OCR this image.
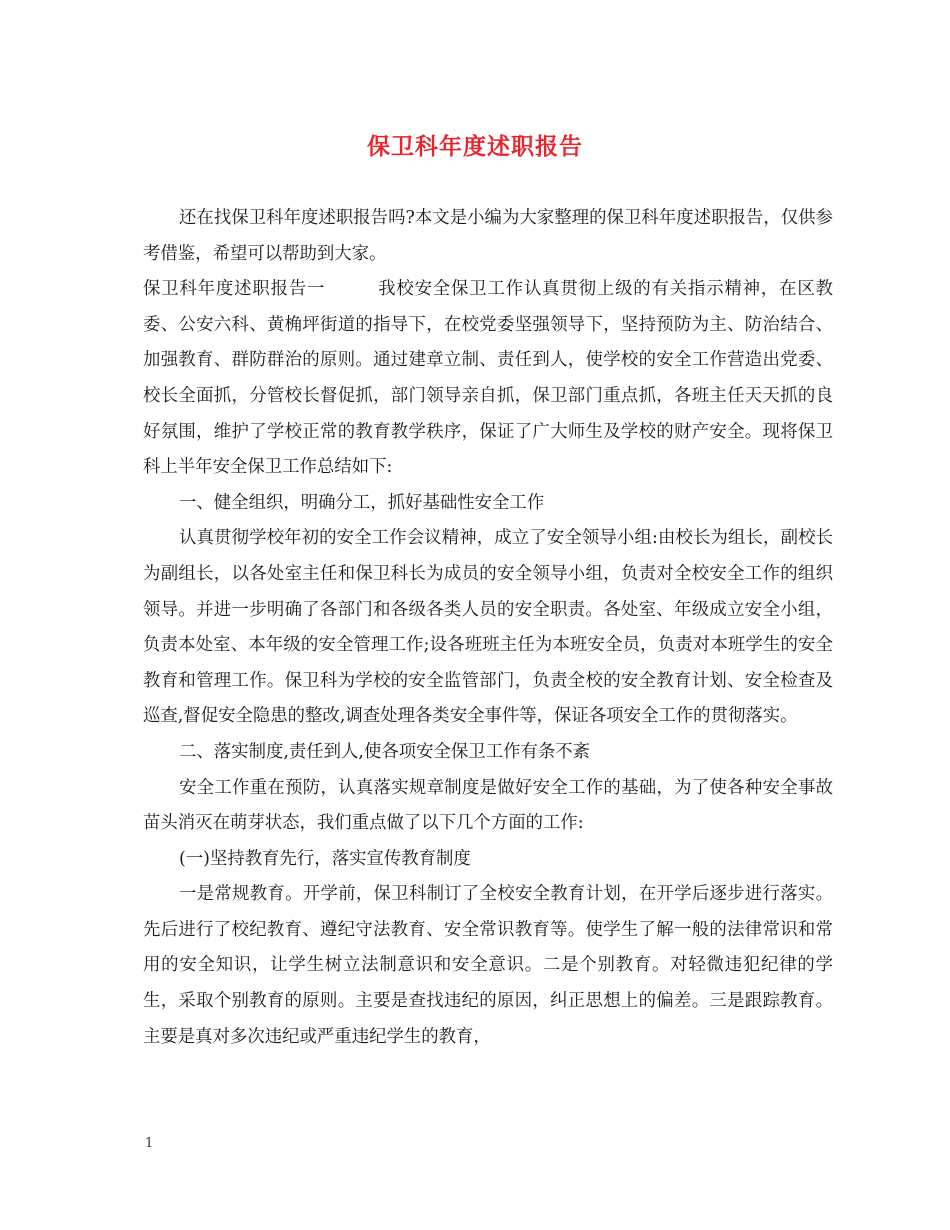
保卫科年度述职报告

还在找保卫科年度述职报告吗?本文是小编为大家整理的保卫科年度述职报告，仅供参考借鉴，希望可以帮助到大家。

保卫科年度述职报告一	我校安全保卫工作认真贯彻上级的有关指示精神，在区教委、公安六科、黄桷坪街道的指导下，在校党委坚强领导下，坚持预防为主、防治结合、加强教育、群防群治的原则。通过建章立制、责任到人，使学校的安全工作营造出党委、校长全面抓，分管校长督促抓，部门领导亲自抓，保卫部门重点抓，各班主任天天抓的良好氛围，维护了学校正常的教育教学秩序，保证了广大师生及学校的财产安全。现将保卫科上半年安全保卫工作总结如下:

一、健全组织，明确分工，抓好基础性安全工作

认真贯彻学校年初的安全工作会议精神，成立了安全领导小组:由校长为组长，副校长为副组长，以各处室主任和保卫科长为成员的安全领导小组，负责对全校安全工作的组织领导。并进一步明确了各部门和各级各类人员的安全职责。各处室、年级成立安全小组，负责本处室、本年级的安全管理工作;设各班班主任为本班安全员，负责对本班学生的安全教育和管理工作。保卫科为学校的安全监管部门，负责全校的安全教育计划、安全检查及巡查,督促安全隐患的整改,调查处理各类安全事件等，保证各项安全工作的贯彻落实。

二、落实制度,责任到人,使各项安全保卫工作有条不紊

安全工作重在预防，认真落实规章制度是做好安全工作的基础，为了使各种安全事故苗头消灭在萌芽状态，我们重点做了以下几个方面的工作:

(一)坚持教育先行，落实宣传教育制度

一是常规教育。开学前，保卫科制订了全校安全教育计划，在开学后逐步进行落实。先后进行了校纪教育、遵纪守法教育、安全常识教育等。使学生了解一般的法律常识和常用的安全知识，让学生树立法制意识和安全意识。二是个别教育。对轻微违犯纪律的学生，采取个别教育的原则。主要是查找违纪的原因，纠正思想上的偏差。三是跟踪教育。主要是真对多次违纪或严重违纪学生的教育，

1
